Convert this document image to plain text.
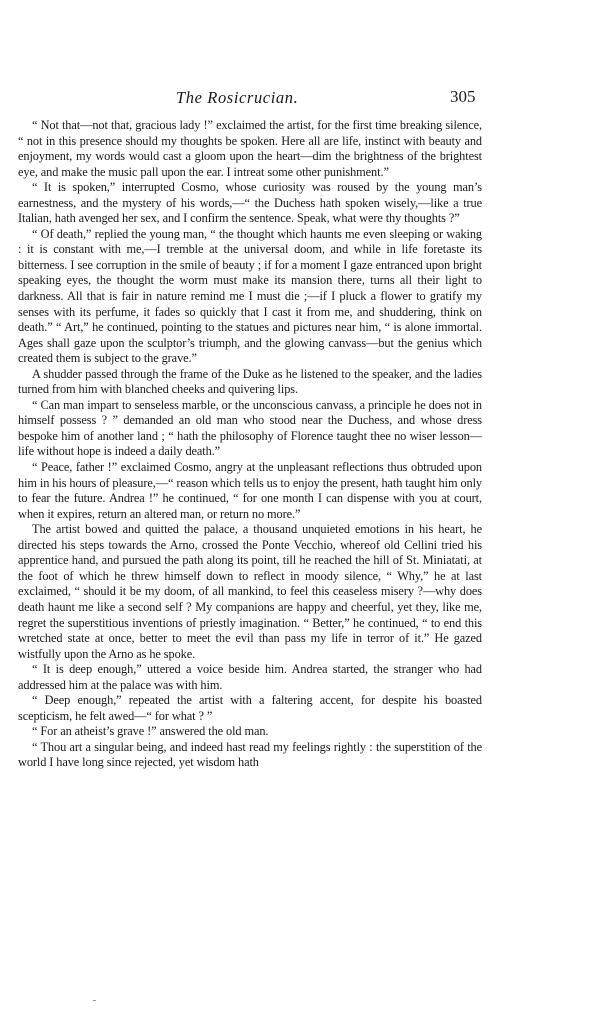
The Rosicrucian.	305

“ Not that—not that, gracious lady !” exclaimed the artist, for the first time breaking silence, “ not in this presence should my thoughts be spoken. Here all are life, instinct with beauty and enjoyment, my words would cast a gloom upon the heart—dim the brightness of the brightest eye, and make the music pall upon the ear. I intreat some other punishment.”

“ It is spoken,” interrupted Cosmo, whose curiosity was roused by the young man’s earnestness, and the mystery of his words,—“ the Duchess hath spoken wisely,—like a true Italian, hath avenged her sex, and I confirm the sentence. Speak, what were thy thoughts ?”

“ Of death,” replied the young man, “ the thought which haunts me even sleeping or waking : it is constant with me,—I tremble at the universal doom, and while in life foretaste its bitterness. I see corruption in the smile of beauty ; if for a moment I gaze entranced upon bright speaking eyes, the thought the worm must make its mansion there, turns all their light to darkness. All that is fair in nature remind me I must die ;—if I pluck a flower to gratify my senses with its perfume, it fades so quickly that I cast it from me, and shuddering, think on death.” “ Art,” he continued, pointing to the statues and pictures near him, “ is alone immortal. Ages shall gaze upon the sculptor’s triumph, and the glowing canvass—but the genius which created them is subject to the grave.”

A shudder passed through the frame of the Duke as he listened to the speaker, and the ladies turned from him with blanched cheeks and quivering lips.

“ Can man impart to senseless marble, or the unconscious canvass, a principle he does not in himself possess ? ” demanded an old man who stood near the Duchess, and whose dress bespoke him of another land ; “ hath the philosophy of Florence taught thee no wiser lesson—life without hope is indeed a daily death.”

“ Peace, father !” exclaimed Cosmo, angry at the unpleasant reflections thus obtruded upon him in his hours of pleasure,—“ reason which tells us to enjoy the present, hath taught him only to fear the future. Andrea !” he continued, “ for one month I can dispense with you at court, when it expires, return an altered man, or return no more.”

The artist bowed and quitted the palace, a thousand unquieted emotions in his heart, he directed his steps towards the Arno, crossed the Ponte Vecchio, whereof old Cellini tried his apprentice hand, and pursued the path along its point, till he reached the hill of St. Miniatati, at the foot of which he threw himself down to reflect in moody silence, “ Why,” he at last exclaimed, “ should it be my doom, of all mankind, to feel this ceaseless misery ?—why does death haunt me like a second self ? My companions are happy and cheerful, yet they, like me, regret the superstitious inventions of priestly imagination. “ Better,” he continued, “ to end this wretched state at once, better to meet the evil than pass my life in terror of it.” He gazed wistfully upon the Arno as he spoke.

“ It is deep enough,” uttered a voice beside him. Andrea started, the stranger who had addressed him at the palace was with him.

“ Deep enough,” repeated the artist with a faltering accent, for despite his boasted scepticism, he felt awed—“ for what ? ”

“ For an atheist’s grave !” answered the old man.

“ Thou art a singular being, and indeed hast read my feelings rightly : the superstition of the world I have long since rejected, yet wisdom hath
